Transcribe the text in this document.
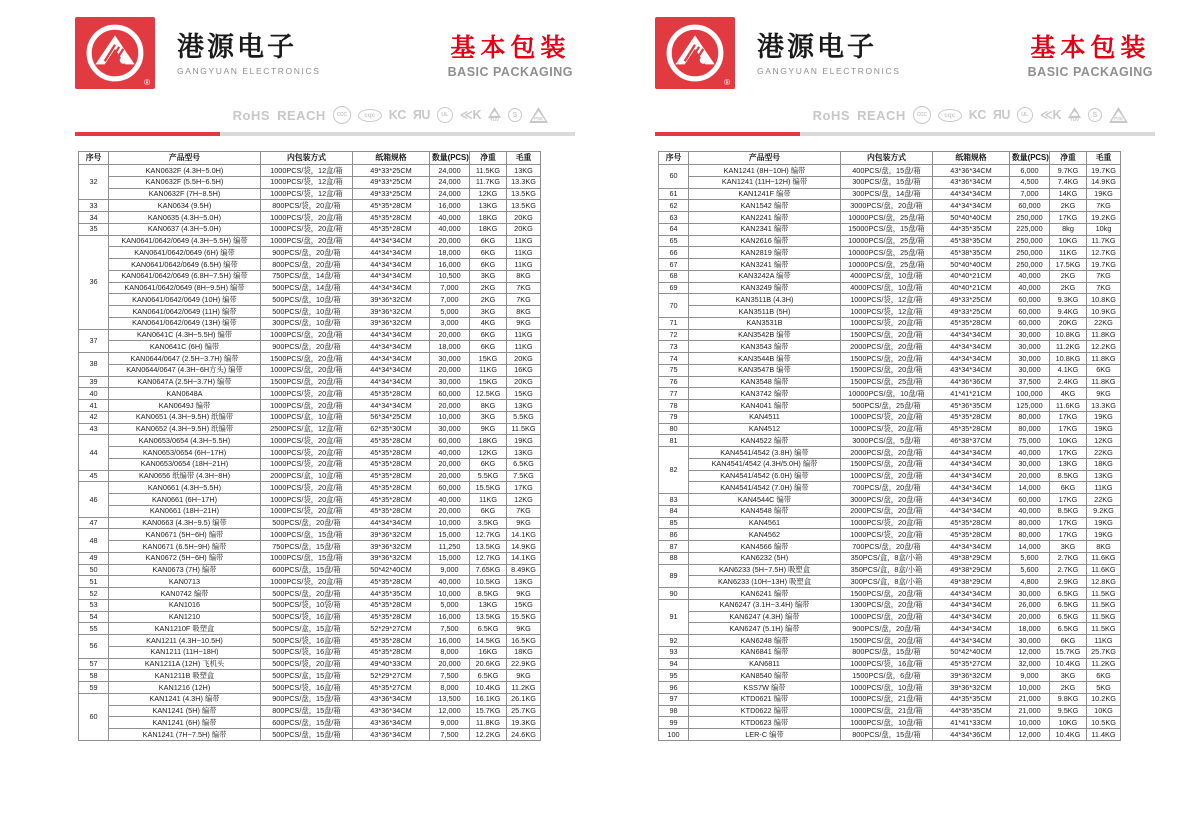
®
港源电子
GANGYUAN ELECTRONICS
基本包装
BASIC PACKAGING
RoHS REACH	CCC	cqc	KC ЯU	UL ≪K TÜV
S	PSE
序号	产品型号	内包装方式	纸箱规格	数量(PCS)	净重	毛重
32	KAN0632F (4.3H~5.0H)	1000PCS/袋，12盒/箱	49*33*25CM	24,000	11.5KG	13KG
	KAN0632F (5.5H~6.5H)	1000PCS/袋，12盒/箱	49*33*25CM	24,000	11.7KG	13.3KG
	KAN0632F (7H~8.5H)	1000PCS/袋，12盒/箱	49*33*25CM	24,000	12KG	13.5KG
33	KAN0634 (9.5H)	800PCS/袋，20盒/箱	45*35*28CM	16,000	13KG	13.5KG
34	KAN0635 (4.3H~5.0H)	1000PCS/袋，20盒/箱	45*35*28CM	40,000	18KG	20KG
35	KAN0637 (4.3H~5.0H)	1000PCS/袋，20盒/箱	45*35*28CM	40,000	18KG	20KG
36	KAN0641/0642/0649 (4.3H~5.5H) 编带	1000PCS/盘，20盘/箱	44*34*34CM	20,000	6KG	11KG
	KAN0641/0642/0649 (6H) 编带	900PCS/盘，20盘/箱	44*34*34CM	18,000	6KG	11KG
	KAN0641/0642/0649 (6.5H) 编带	800PCS/盘，20盘/箱	44*34*34CM	16,000	6KG	11KG
	KAN0641/0642/0649 (6.8H~7.5H) 编带	750PCS/盘，14盘/箱	44*34*34CM	10,500	3KG	8KG
	KAN0641/0642/0649 (8H~9.5H) 编带	500PCS/盘，14盘/箱	44*34*34CM	7,000	2KG	7KG
	KAN0641/0642/0649 (10H) 编带	500PCS/盘，10盘/箱	39*36*32CM	7,000	2KG	7KG
	KAN0641/0642/0649 (11H) 编带	500PCS/盘，10盘/箱	39*36*32CM	5,000	3KG	8KG
	KAN0641/0642/0649 (13H) 编带	300PCS/盘，10盘/箱	39*36*32CM	3,000	4KG	9KG
37	KAN0641C (4.3H~5.5H) 编带	1000PCS/盘，20盘/箱	44*34*34CM	20,000	6KG	11KG
	KAN0641C (6H) 编带	900PCS/盘，20盘/箱	44*34*34CM	18,000	6KG	11KG
38	KAN0644/0647 (2.5H~3.7H) 编带	1500PCS/盘，20盘/箱	44*34*34CM	30,000	15KG	20KG
	KAN0644/0647 (4.3H~6H方头) 编带	1000PCS/盘，20盘/箱	44*34*34CM	20,000	11KG	16KG
39	KAN0647A (2.5H~3.7H) 编带	1500PCS/盘，20盘/箱	44*34*34CM	30,000	15KG	20KG
40	KAN0648A	1000PCS/袋，20盒/箱	45*35*28CM	60,000	12.5KG	15KG
41	KAN0649J 编带	1000PCS/盘，20盘/箱	44*34*34CM	20,000	8KG	13KG
42	KAN0651 (4.3H~9.5H) 纸编带	1000PCS/盒，10盒/箱	56*34*25CM	10,000	3KG	5.5KG
43	KAN0652 (4.3H~9.5H) 纸编带	2500PCS/盒，12盒/箱	62*35*30CM	30,000	9KG	11.5KG
44	KAN0653/0654 (4.3H~5.5H)	1000PCS/袋，20盒/箱	45*35*28CM	60,000	18KG	19KG
	KAN0653/0654 (6H~17H)	1000PCS/袋，20盒/箱	45*35*28CM	40,000	12KG	13KG
	KAN0653/0654 (18H~21H)	1000PCS/袋，20盒/箱	45*35*28CM	20,000	6KG	6.5KG
45	KAN0656 纸编带 (4.3H~8H)	2000PCS/盒，10盒/箱	45*35*28CM	20,000	5.5KG	7.5KG
46	KAN0661 (4.3H~5.5H)	1000PCS/袋，20盒/箱	45*35*28CM	60,000	15.5KG	17KG
	KAN0661 (6H~17H)	1000PCS/袋，20盒/箱	45*35*28CM	40,000	11KG	12KG
	KAN0661 (18H~21H)	1000PCS/袋，20盒/箱	45*35*28CM	20,000	6KG	7KG
47	KAN0663 (4.3H~9.5) 编带	500PCS/盘，20盘/箱	44*34*34CM	10,000	3.5KG	9KG
48	KAN0671 (5H~6H) 编带	1000PCS/盘，15盘/箱	39*36*32CM	15,000	12.7KG	14.1KG
	KAN0671 (6.5H~9H) 编带	750PCS/盘，15盘/箱	39*36*32CM	11,250	13.5KG	14.9KG
49	KAN0672 (5H~6H) 编带	1000PCS/盘，15盘/箱	39*36*32CM	15,000	12.7KG	14.1KG
50	KAN0673 (7H) 编带	600PCS/盘，15盘/箱	50*42*40CM	9,000	7.65KG	8.49KG
51	KAN0713	1000PCS/袋，20盒/箱	45*35*28CM	40,000	10.5KG	13KG
52	KAN0742 编带	500PCS/盘，20盘/箱	44*35*35CM	10,000	8.5KG	9KG
53	KAN1016	500PCS/袋，10袋/箱	45*35*28CM	5,000	13KG	15KG
54	KAN1210	500PCS/袋，16盒/箱	45*35*28CM	16,000	13.5KG	15.5KG
55	KAN1210F 吸塑盒	500PCS/盒，15盒/箱	52*29*27CM	7,500	6.5KG	9KG
56	KAN1211 (4.3H~10.5H)	500PCS/袋，16盒/箱	45*35*28CM	16,000	14.5KG	16.5KG
	KAN1211 (11H~18H)	500PCS/袋，16盒/箱	45*35*28CM	8,000	16KG	18KG
57	KAN1211A (12H) 飞机头	500PCS/袋，20盒/箱	49*40*33CM	20,000	20.6KG	22.9KG
58	KAN1211B 吸塑盒	500PCS/盒，15盒/箱	52*29*27CM	7,500	6.5KG	9KG
59	KAN1216 (12H)	500PCS/袋，16盒/箱	45*35*27CM	8,000	10.4KG	11.2KG
60	KAN1241 (4.3H) 编带	900PCS/盘，15盘/箱	43*36*34CM	13,500	16.1KG	26.1KG
	KAN1241 (5H) 编带	800PCS/盘，15盘/箱	43*36*34CM	12,000	15.7KG	25.7KG
	KAN1241 (6H) 编带	600PCS/盘，15盘/箱	43*36*34CM	9,000	11.8KG	19.3KG
	KAN1241 (7H~7.5H) 编带	500PCS/盘，15盘/箱	43*36*34CM	7,500	12.2KG	24.6KG
®
港源电子
GANGYUAN ELECTRONICS
基本包装
BASIC PACKAGING
RoHS REACH	CCC	cqc	KC ЯU	UL ≪K TÜV
S	PSE
序号	产品型号	内包装方式	纸箱规格	数量(PCS)	净重	毛重
60	KAN1241 (8H~10H) 编带	400PCS/盘，15盘/箱	43*36*34CM	6,000	9.7KG	19.7KG
	KAN1241 (11H~12H) 编带	300PCS/盘，15盘/箱	43*36*34CM	4,500	7.4KG	14.9KG
61	KAN1241F 编带	300PCS/盘，14盘/箱	44*34*34CM	7,000	14KG	19KG
62	KAN1542 编带	3000PCS/盘，20盘/箱	44*34*34CM	60,000	2KG	7KG
63	KAN2241 编带	10000PCS/盘，25盘/箱	50*40*40CM	250,000	17KG	19.2KG
64	KAN2341 编带	15000PCS/盘，15盘/箱	44*35*35CM	225,000	8kg	10kg
65	KAN2616 编带	10000PCS/盘，25盘/箱	45*38*35CM	250,000	10KG	11.7KG
66	KAN2819 编带	10000PCS/盘，25盘/箱	45*38*35CM	250,000	11KG	12.7KG
67	KAN3241 编带	10000PCS/盘，25盘/箱	50*40*40CM	250,000	17.5KG	19.7KG
68	KAN3242A 编带	4000PCS/盘，10盘/箱	40*40*21CM	40,000	2KG	7KG
69	KAN3249 编带	4000PCS/盘，10盘/箱	40*40*21CM	40,000	2KG	7KG
70	KAN3511B (4.3H)	1000PCS/袋，12盒/箱	49*33*25CM	60,000	9.3KG	10.8KG
	KAN3511B (5H)	1000PCS/袋，12盒/箱	49*33*25CM	60,000	9.4KG	10.9KG
71	KAN3531B	1000PCS/袋，20盒/箱	45*35*28CM	60,000	20KG	22KG
72	KAN3542B 编带	1500PCS/盘，20盘/箱	44*34*34CM	30,000	10.8KG	11.8KG
73	KAN3543 编带	2000PCS/盘，20盘/箱	44*34*34CM	30,000	11.2KG	12.2KG
74	KAN3544B 编带	1500PCS/盘，20盘/箱	44*34*34CM	30,000	10.8KG	11.8KG
75	KAN3547B 编带	1500PCS/盘，20盘/箱	43*34*34CM	30,000	4.1KG	6KG
76	KAN3548 编带	1500PCS/盘，25盘/箱	44*36*36CM	37,500	2.4KG	11.8KG
77	KAN3742 编带	10000PCS/盘，10盘/箱	41*41*21CM	100,000	4KG	9KG
78	KAN4041 编带	500PCS/盘，25盘/箱	45*36*35CM	125,000	11.6KG	13.3KG
79	KAN4511	1000PCS/袋，20盒/箱	45*35*28CM	80,000	17KG	19KG
80	KAN4512	1000PCS/袋，20盒/箱	45*35*28CM	80,000	17KG	19KG
81	KAN4522 编带	3000PCS/盘，5盘/箱	46*38*37CM	75,000	10KG	12KG
82	KAN4541/4542 (3.8H) 编带	2000PCS/盘，20盘/箱	44*34*34CM	40,000	17KG	22KG
	KAN4541/4542 (4.3H/5.0H) 编带	1500PCS/盘，20盘/箱	44*34*34CM	30,000	13KG	18KG
	KAN4541/4542 (6.0H) 编带	1000PCS/盘，20盘/箱	44*34*34CM	20,000	8.5KG	13KG
	KAN4541/4542 (7.0H) 编带	700PCS/盘，20盘/箱	44*34*34CM	14,000	6KG	11KG
83	KAN4544C 编带	3000PCS/盘，20盘/箱	44*34*34CM	60,000	17KG	22KG
84	KAN4548 编带	2000PCS/盘，20盘/箱	44*34*34CM	40,000	8.5KG	9.2KG
85	KAN4561	1000PCS/袋，20盒/箱	45*35*28CM	80,000	17KG	19KG
86	KAN4562	1000PCS/袋，20盒/箱	45*35*28CM	80,000	17KG	19KG
87	KAN4566 编带	700PCS/盘，20盘/箱	44*34*34CM	14,000	3KG	8KG
88	KAN6232 (5H)	350PCS/盒，8盒/小箱	49*38*29CM	5,600	2.7KG	11.6KG
89	KAN6233 (5H~7.5H) 吸塑盒	350PCS/盒，8盒/小箱	49*38*29CM	5,600	2.7KG	11.6KG
	KAN6233 (10H~13H) 吸塑盒	300PCS/盒，8盒/小箱	49*38*29CM	4,800	2.9KG	12.8KG
90	KAN6241 编带	1500PCS/盘，20盘/箱	44*34*34CM	30,000	6.5KG	11.5KG
91	KAN6247 (3.1H~3.4H) 编带	1300PCS/盘，20盘/箱	44*34*34CM	26,000	6.5KG	11.5KG
	KAN6247 (4.3H) 编带	1000PCS/盘，20盘/箱	44*34*34CM	20,000	6.5KG	11.5KG
	KAN6247 (5.1H) 编带	900PCS/盘，20盘/箱	44*34*34CM	18,000	6.5KG	11.5KG
92	KAN6248 编带	1500PCS/盘，20盘/箱	44*34*34CM	30,000	6KG	11KG
93	KAN6841 编带	800PCS/盘，15盘/箱	50*42*40CM	12,000	15.7KG	25.7KG
94	KAN6811	1000PCS/袋，16盒/箱	45*35*27CM	32,000	10.4KG	11.2KG
95	KAN8540 编带	1500PCS/盘，6盘/箱	39*36*32CM	9,000	3KG	6KG
96	KSS7W 编带	1000PCS/盘，10盘/箱	39*36*32CM	10,000	2KG	5KG
97	KTD0621 编带	1000PCS/盘，21盘/箱	44*35*35CM	21,000	9.8KG	10.2KG
98	KTD0622 编带	1000PCS/盘，21盘/箱	44*35*35CM	21,000	9.5KG	10KG
99	KTD0623 编带	1000PCS/盘，10盘/箱	41*41*33CM	10,000	10KG	10.5KG
100	LER-C 编带	800PCS/盘，15盘/箱	44*34*36CM	12,000	10.4KG	11.4KG
